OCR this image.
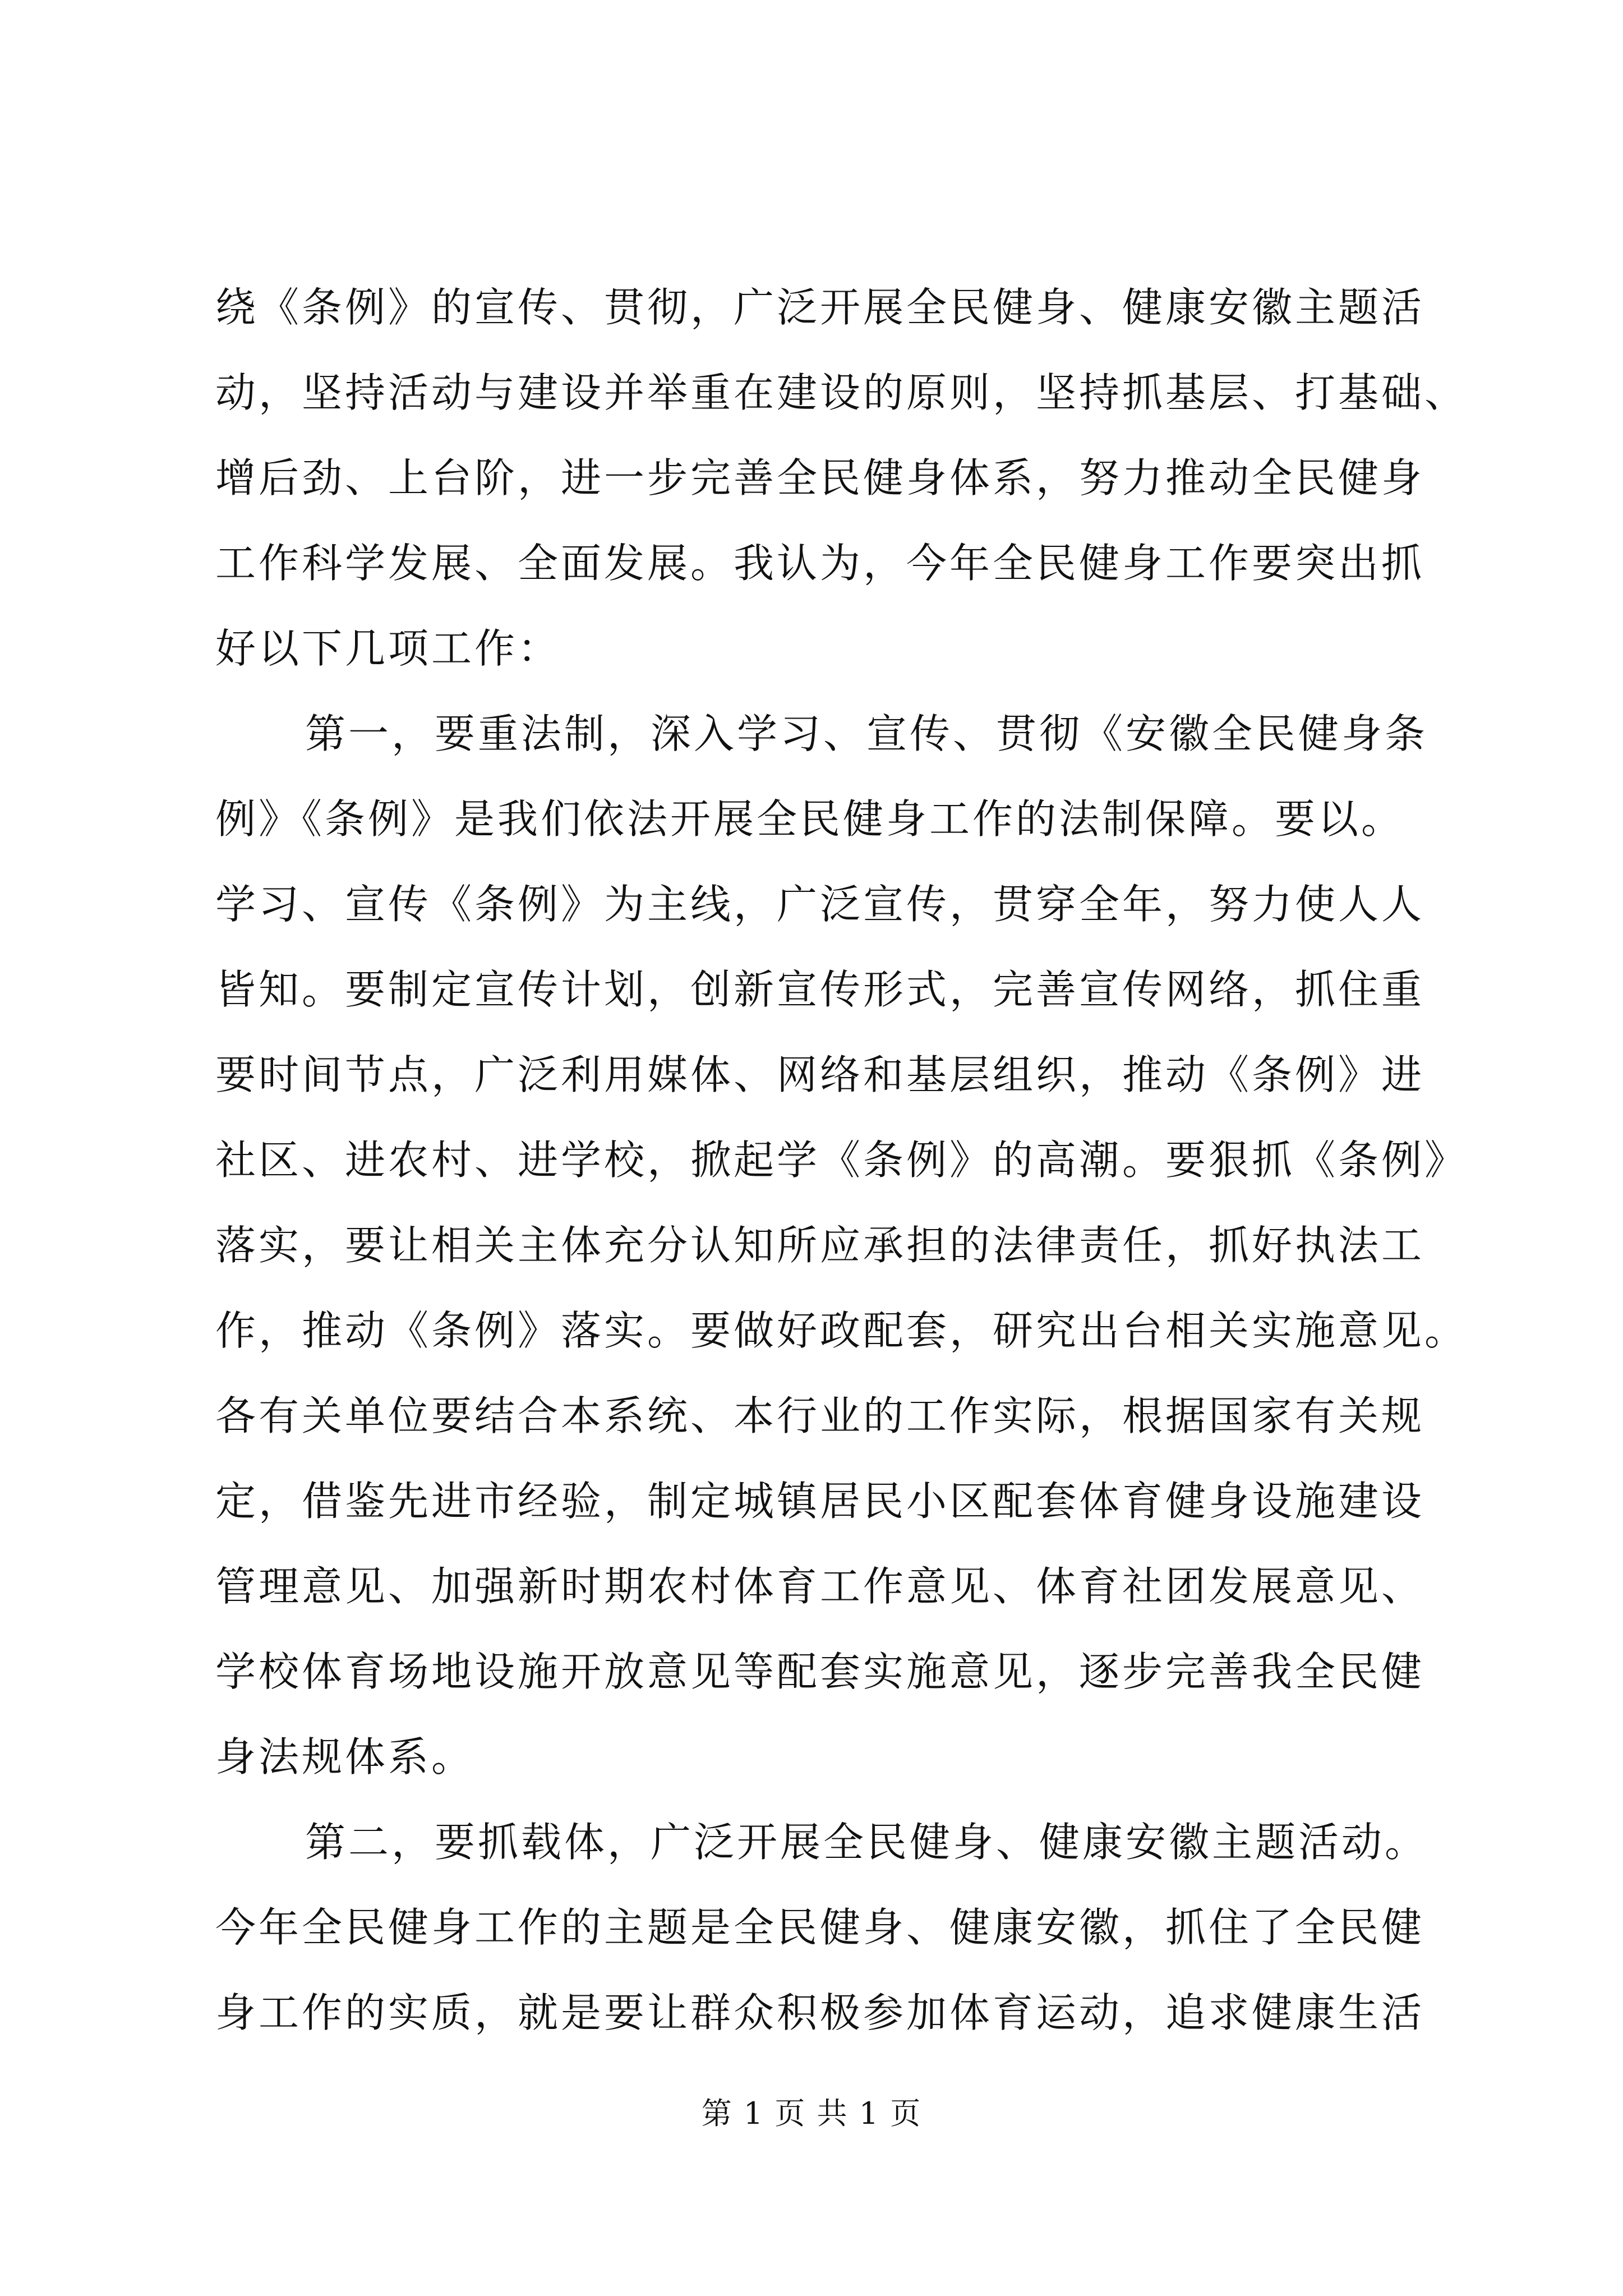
绕《条例》的宣传、贯彻，广泛开展全民健身、健康安徽主题活
动，坚持活动与建设并举重在建设的原则，坚持抓基层、打基础、
增后劲、上台阶，进一步完善全民健身体系，努力推动全民健身
工作科学发展、全面发展。我认为，今年全民健身工作要突出抓
好以下几项工作：
第一，要重法制，深入学习、宣传、贯彻《安徽全民健身条
例》《条例》是我们依法开展全民健身工作的法制保障。要以。
学习、宣传《条例》为主线，广泛宣传，贯穿全年，努力使人人
皆知。要制定宣传计划，创新宣传形式，完善宣传网络，抓住重
要时间节点，广泛利用媒体、网络和基层组织，推动《条例》进
社区、进农村、进学校，掀起学《条例》的高潮。要狠抓《条例》
落实，要让相关主体充分认知所应承担的法律责任，抓好执法工
作，推动《条例》落实。要做好政配套，研究出台相关实施意见。
各有关单位要结合本系统、本行业的工作实际，根据国家有关规
定，借鉴先进市经验，制定城镇居民小区配套体育健身设施建设
管理意见、加强新时期农村体育工作意见、体育社团发展意见、
学校体育场地设施开放意见等配套实施意见，逐步完善我全民健
身法规体系。
第二，要抓载体，广泛开展全民健身、健康安徽主题活动。
今年全民健身工作的主题是全民健身、健康安徽，抓住了全民健
身工作的实质，就是要让群众积极参加体育运动，追求健康生活
第 1 页 共 1 页
